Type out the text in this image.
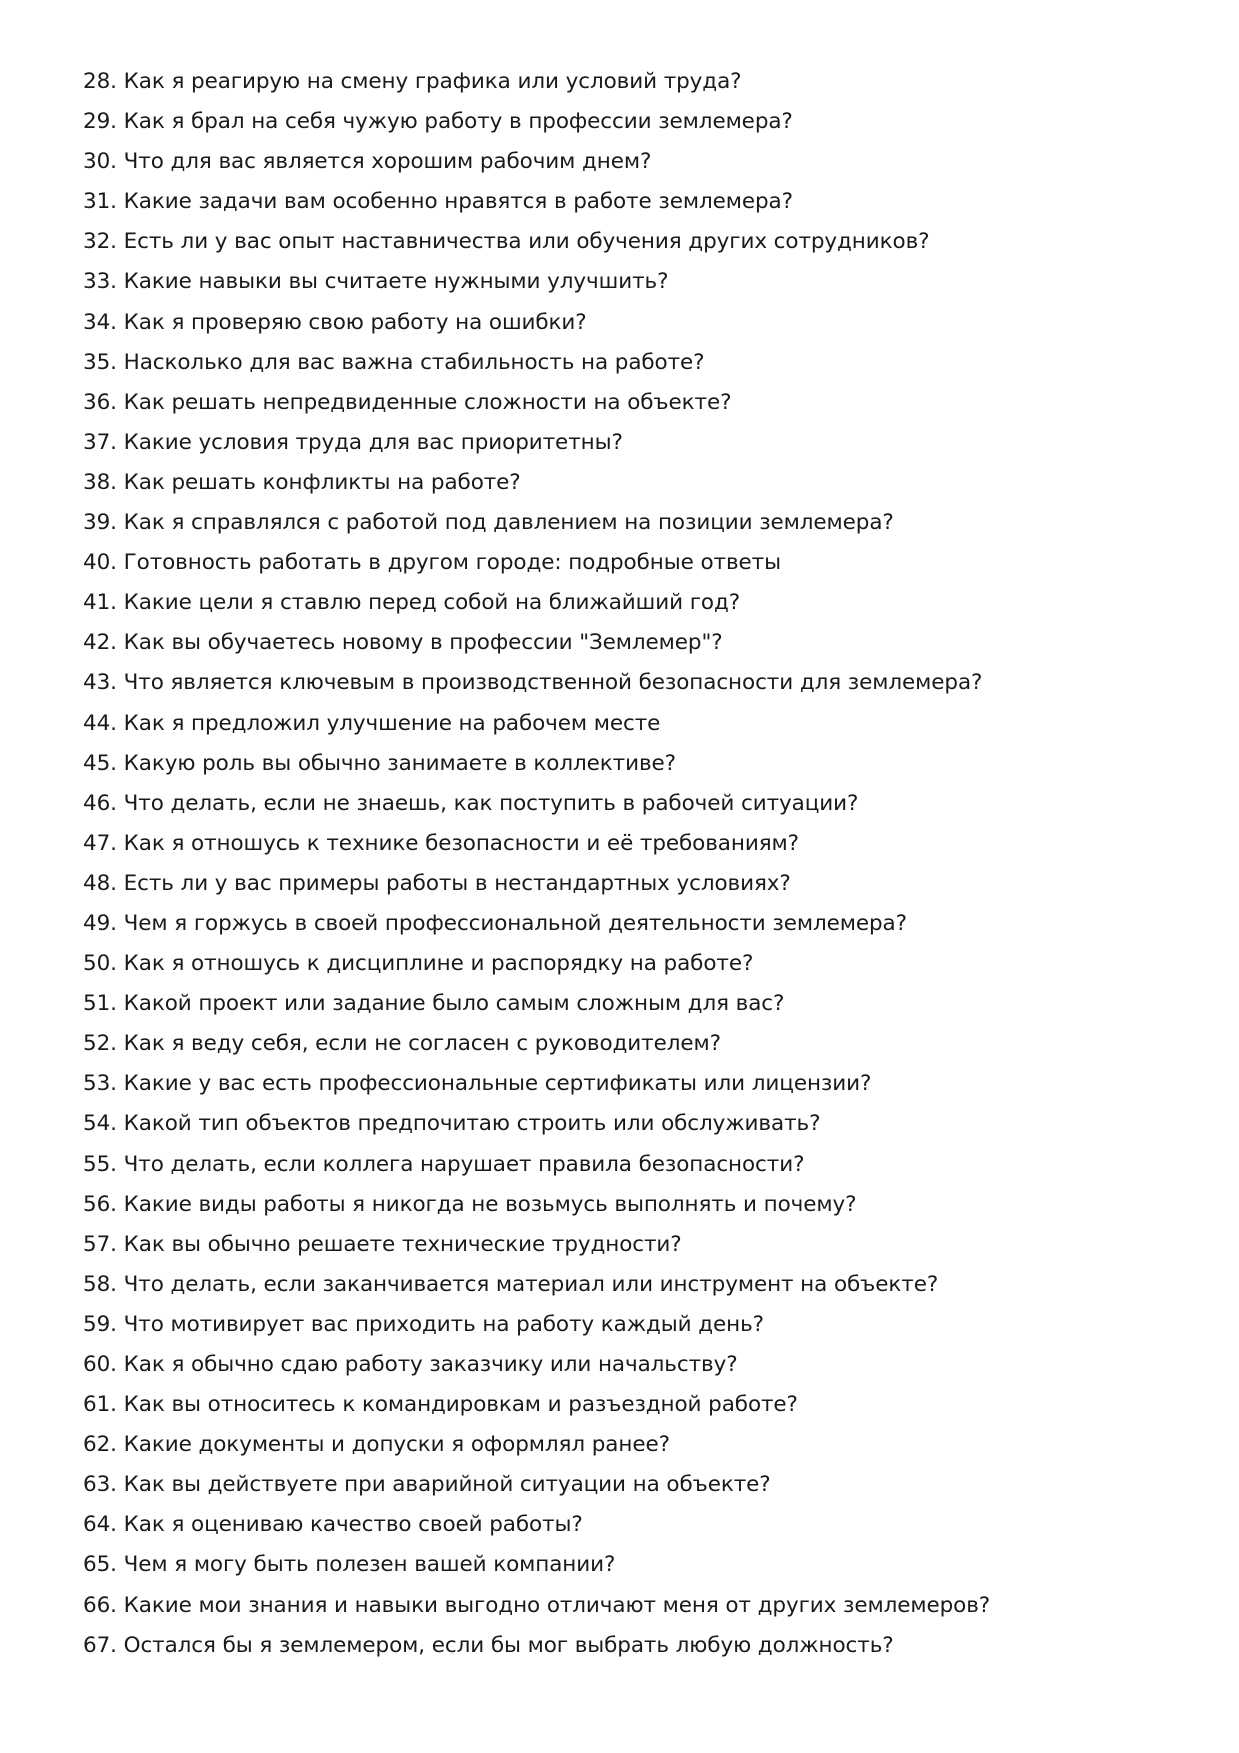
28. Как я реагирую на смену графика или условий труда?
29. Как я брал на себя чужую работу в профессии землемера?
30. Что для вас является хорошим рабочим днем?
31. Какие задачи вам особенно нравятся в работе землемера?
32. Есть ли у вас опыт наставничества или обучения других сотрудников?
33. Какие навыки вы считаете нужными улучшить?
34. Как я проверяю свою работу на ошибки?
35. Насколько для вас важна стабильность на работе?
36. Как решать непредвиденные сложности на объекте?
37. Какие условия труда для вас приоритетны?
38. Как решать конфликты на работе?
39. Как я справлялся с работой под давлением на позиции землемера?
40. Готовность работать в другом городе: подробные ответы
41. Какие цели я ставлю перед собой на ближайший год?
42. Как вы обучаетесь новому в профессии "Землемер"?
43. Что является ключевым в производственной безопасности для землемера?
44. Как я предложил улучшение на рабочем месте
45. Какую роль вы обычно занимаете в коллективе?
46. Что делать, если не знаешь, как поступить в рабочей ситуации?
47. Как я отношусь к технике безопасности и её требованиям?
48. Есть ли у вас примеры работы в нестандартных условиях?
49. Чем я горжусь в своей профессиональной деятельности землемера?
50. Как я отношусь к дисциплине и распорядку на работе?
51. Какой проект или задание было самым сложным для вас?
52. Как я веду себя, если не согласен с руководителем?
53. Какие у вас есть профессиональные сертификаты или лицензии?
54. Какой тип объектов предпочитаю строить или обслуживать?
55. Что делать, если коллега нарушает правила безопасности?
56. Какие виды работы я никогда не возьмусь выполнять и почему?
57. Как вы обычно решаете технические трудности?
58. Что делать, если заканчивается материал или инструмент на объекте?
59. Что мотивирует вас приходить на работу каждый день?
60. Как я обычно сдаю работу заказчику или начальству?
61. Как вы относитесь к командировкам и разъездной работе?
62. Какие документы и допуски я оформлял ранее?
63. Как вы действуете при аварийной ситуации на объекте?
64. Как я оцениваю качество своей работы?
65. Чем я могу быть полезен вашей компании?
66. Какие мои знания и навыки выгодно отличают меня от других землемеров?
67. Остался бы я землемером, если бы мог выбрать любую должность?
